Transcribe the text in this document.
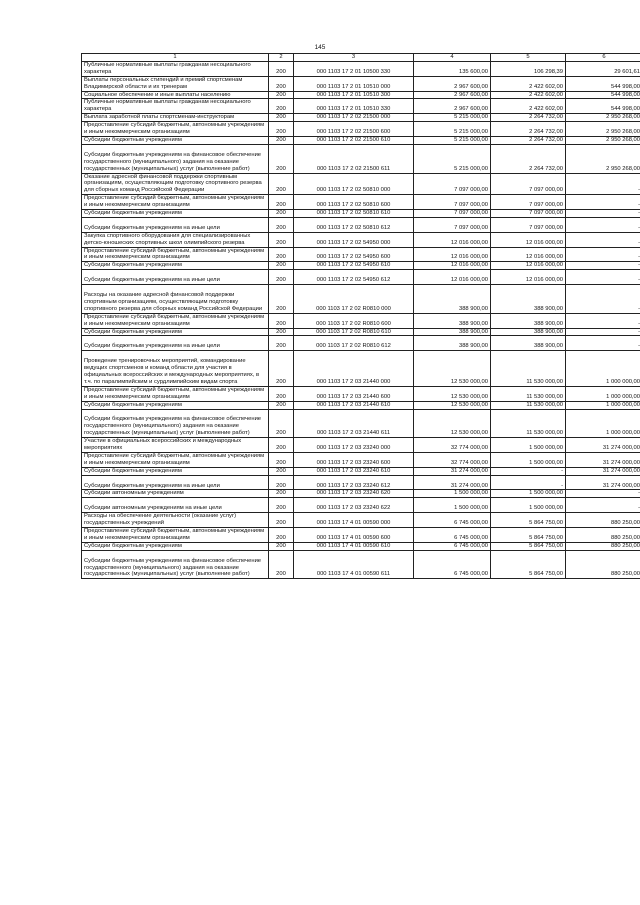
145
1	2	3	4	5	6
Публичные нормативные выплаты гражданам несоциального характера	200	000 1103 17 2 01 10500 330	135 600,00	106 298,39	29 601,61
Выплаты персональных стипендий и премий спортсменам Владимирской области и их тренерам	200	000 1103 17 2 01 10510 000	2 967 600,00	2 422 602,00	544 998,00
Социальное обеспечение и иные выплаты населению	200	000 1103 17 2 01 10510 300	2 967 600,00	2 422 602,00	544 998,00
Публичные нормативные выплаты гражданам несоциального характера	200	000 1103 17 2 01 10510 330	2 967 600,00	2 422 602,00	544 998,00
Выплата заработной платы спортсменам-инструкторам	200	000 1103 17 2 02 21500 000	5 215 000,00	2 264 732,00	2 950 268,00
Предоставление субсидий бюджетным, автономным учреждениям и иным некоммерческим организациям	200	000 1103 17 2 02 21500 600	5 215 000,00	2 264 732,00	2 950 268,00
Субсидии бюджетным учреждениям	200	000 1103 17 2 02 21500 610	5 215 000,00	2 264 732,00	2 950 268,00

Субсидии бюджетным учреждениям на финансовое обеспечение государственного (муниципального) задания на оказание государственных (муниципальных) услуг (выполнение работ)	200	000 1103 17 2 02 21500 611	5 215 000,00	2 264 732,00	2 950 268,00
Оказание адресной финансовой поддержки спортивным организациям, осуществляющим подготовку спортивного резерва для сборных команд Российской Федерации	200	000 1103 17 2 02 50810 000	7 097 000,00	7 097 000,00	-
Предоставление субсидий бюджетным, автономным учреждениям и иным некоммерческим организациям	200	000 1103 17 2 02 50810 600	7 097 000,00	7 097 000,00	-
Субсидии бюджетным учреждениям	200	000 1103 17 2 02 50810 610	7 097 000,00	7 097 000,00	-

Субсидии бюджетным учреждениям на иные цели	200	000 1103 17 2 02 50810 612	7 097 000,00	7 097 000,00	-
Закупка спортивного оборудования для специализированных детско-юношеских спортивных школ олимпийского резерва	200	000 1103 17 2 02 54950 000	12 016 000,00	12 016 000,00	-
Предоставление субсидий бюджетным, автономным учреждениям и иным некоммерческим организациям	200	000 1103 17 2 02 54950 600	12 016 000,00	12 016 000,00	-
Субсидии бюджетным учреждениям	200	000 1103 17 2 02 54950 610	12 016 000,00	12 016 000,00	-

Субсидии бюджетным учреждениям на иные цели	200	000 1103 17 2 02 54950 612	12 016 000,00	12 016 000,00	-

Расходы на оказание адресной финансовой поддержки спортивным организациям, осуществляющим подготовку спортивного резерва для сборных команд Российской Федерации	200	000 1103 17 2 02 R0810 000	388 900,00	388 900,00	-
Предоставление субсидий бюджетным, автономным учреждениям и иным некоммерческим организациям	200	000 1103 17 2 02 R0810 600	388 900,00	388 900,00	-
Субсидии бюджетным учреждениям	200	000 1103 17 2 02 R0810 610	388 900,00	388 900,00	-

Субсидии бюджетным учреждениям на иные цели	200	000 1103 17 2 02 R0810 612	388 900,00	388 900,00	-

Проведение тренировочных мероприятий, командирование ведущих спортсменов и команд области для участия в официальных всероссийских и международных мероприятиях, в т.ч. по паралимпийским и сурдлимпийским видам спорта	200	000 1103 17 2 03 21440 000	12 530 000,00	11 530 000,00	1 000 000,00
Предоставление субсидий бюджетным, автономным учреждениям и иным некоммерческим организациям	200	000 1103 17 2 03 21440 600	12 530 000,00	11 530 000,00	1 000 000,00
Субсидии бюджетным учреждениям	200	000 1103 17 2 03 21440 610	12 530 000,00	11 530 000,00	1 000 000,00

Субсидии бюджетным учреждениям на финансовое обеспечение государственного (муниципального) задания на оказание государственных (муниципальных) услуг (выполнение работ)	200	000 1103 17 2 03 21440 611	12 530 000,00	11 530 000,00	1 000 000,00
Участие в официальных всероссийских и международных мероприятиях	200	000 1103 17 2 03 23240 000	32 774 000,00	1 500 000,00	31 274 000,00
Предоставление субсидий бюджетным, автономным учреждениям и иным некоммерческим организациям	200	000 1103 17 2 03 23240 600	32 774 000,00	1 500 000,00	31 274 000,00
Субсидии бюджетным учреждениям	200	000 1103 17 2 03 23240 610	31 274 000,00	-	31 274 000,00

Субсидии бюджетным учреждениям на иные цели	200	000 1103 17 2 03 23240 612	31 274 000,00	-	31 274 000,00
Субсидии автономным учреждениям	200	000 1103 17 2 03 23240 620	1 500 000,00	1 500 000,00	-

Субсидии автономным учреждениям на иные цели	200	000 1103 17 2 03 23240 622	1 500 000,00	1 500 000,00	-
Расходы на обеспечение деятельности (оказание услуг) государственных учреждений	200	000 1103 17 4 01 00590 000	6 745 000,00	5 864 750,00	880 250,00
Предоставление субсидий бюджетным, автономным учреждениям и иным некоммерческим организациям	200	000 1103 17 4 01 00590 600	6 745 000,00	5 864 750,00	880 250,00
Субсидии бюджетным учреждениям	200	000 1103 17 4 01 00590 610	6 745 000,00	5 864 750,00	880 250,00

Субсидии бюджетным учреждениям на финансовое обеспечение государственного (муниципального) задания на оказание государственных (муниципальных) услуг (выполнение работ)	200	000 1103 17 4 01 00590 611	6 745 000,00	5 864 750,00	880 250,00
